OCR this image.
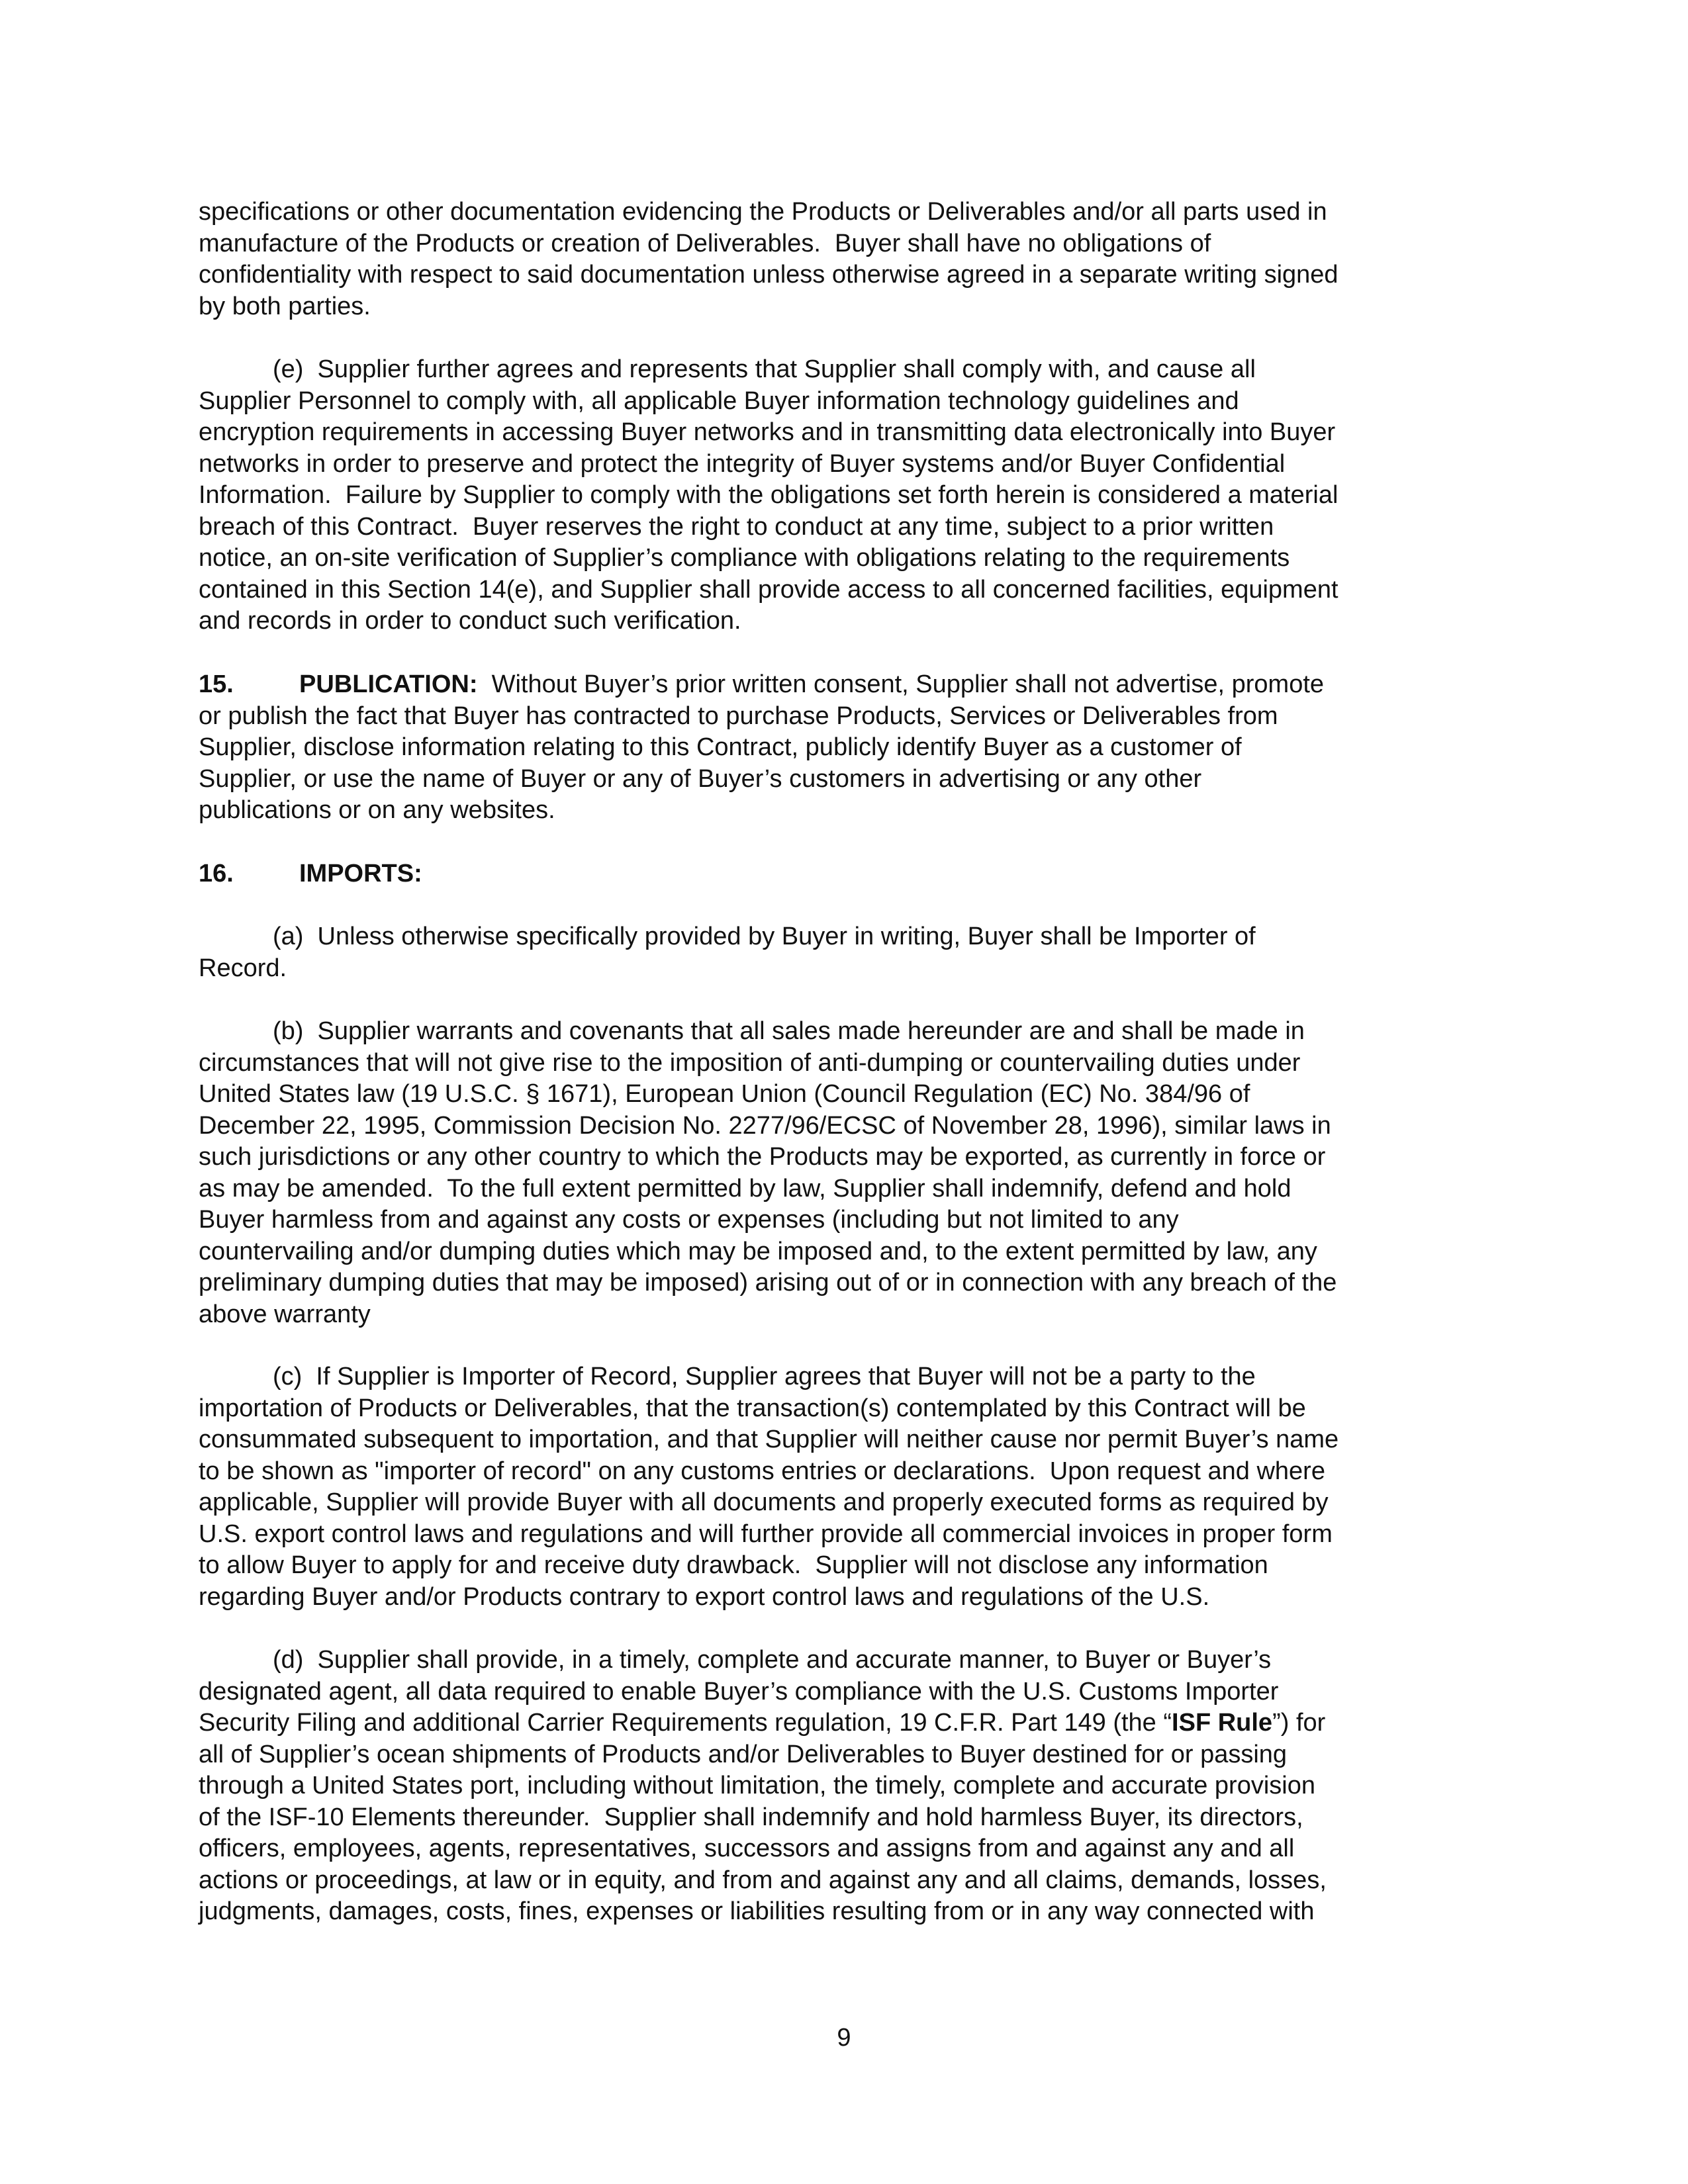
specifications or other documentation evidencing the Products or Deliverables and/or all parts used in
manufacture of the Products or creation of Deliverables.  Buyer shall have no obligations of
confidentiality with respect to said documentation unless otherwise agreed in a separate writing signed
by both parties.
(e)  Supplier further agrees and represents that Supplier shall comply with, and cause all
Supplier Personnel to comply with, all applicable Buyer information technology guidelines and
encryption requirements in accessing Buyer networks and in transmitting data electronically into Buyer
networks in order to preserve and protect the integrity of Buyer systems and/or Buyer Confidential
Information.  Failure by Supplier to comply with the obligations set forth herein is considered a material
breach of this Contract.  Buyer reserves the right to conduct at any time, subject to a prior written
notice, an on-site verification of Supplier’s compliance with obligations relating to the requirements
contained in this Section 14(e), and Supplier shall provide access to all concerned facilities, equipment
and records in order to conduct such verification.
15.	PUBLICATION:  Without Buyer’s prior written consent, Supplier shall not advertise, promote
or publish the fact that Buyer has contracted to purchase Products, Services or Deliverables from
Supplier, disclose information relating to this Contract, publicly identify Buyer as a customer of
Supplier, or use the name of Buyer or any of Buyer’s customers in advertising or any other
publications or on any websites.
16.	IMPORTS:
(a)  Unless otherwise specifically provided by Buyer in writing, Buyer shall be Importer of
Record.
(b)  Supplier warrants and covenants that all sales made hereunder are and shall be made in
circumstances that will not give rise to the imposition of anti-dumping or countervailing duties under
United States law (19 U.S.C. § 1671), European Union (Council Regulation (EC) No. 384/96 of
December 22, 1995, Commission Decision No. 2277/96/ECSC of November 28, 1996), similar laws in
such jurisdictions or any other country to which the Products may be exported, as currently in force or
as may be amended.  To the full extent permitted by law, Supplier shall indemnify, defend and hold
Buyer harmless from and against any costs or expenses (including but not limited to any
countervailing and/or dumping duties which may be imposed and, to the extent permitted by law, any
preliminary dumping duties that may be imposed) arising out of or in connection with any breach of the
above warranty
(c)  If Supplier is Importer of Record, Supplier agrees that Buyer will not be a party to the
importation of Products or Deliverables, that the transaction(s) contemplated by this Contract will be
consummated subsequent to importation, and that Supplier will neither cause nor permit Buyer’s name
to be shown as "importer of record" on any customs entries or declarations.  Upon request and where
applicable, Supplier will provide Buyer with all documents and properly executed forms as required by
U.S. export control laws and regulations and will further provide all commercial invoices in proper form
to allow Buyer to apply for and receive duty drawback.  Supplier will not disclose any information
regarding Buyer and/or Products contrary to export control laws and regulations of the U.S.
(d)  Supplier shall provide, in a timely, complete and accurate manner, to Buyer or Buyer’s
designated agent, all data required to enable Buyer’s compliance with the U.S. Customs Importer
Security Filing and additional Carrier Requirements regulation, 19 C.F.R. Part 149 (the “ISF Rule”) for
all of Supplier’s ocean shipments of Products and/or Deliverables to Buyer destined for or passing
through a United States port, including without limitation, the timely, complete and accurate provision
of the ISF-10 Elements thereunder.  Supplier shall indemnify and hold harmless Buyer, its directors,
officers, employees, agents, representatives, successors and assigns from and against any and all
actions or proceedings, at law or in equity, and from and against any and all claims, demands, losses,
judgments, damages, costs, fines, expenses or liabilities resulting from or in any way connected with
9
